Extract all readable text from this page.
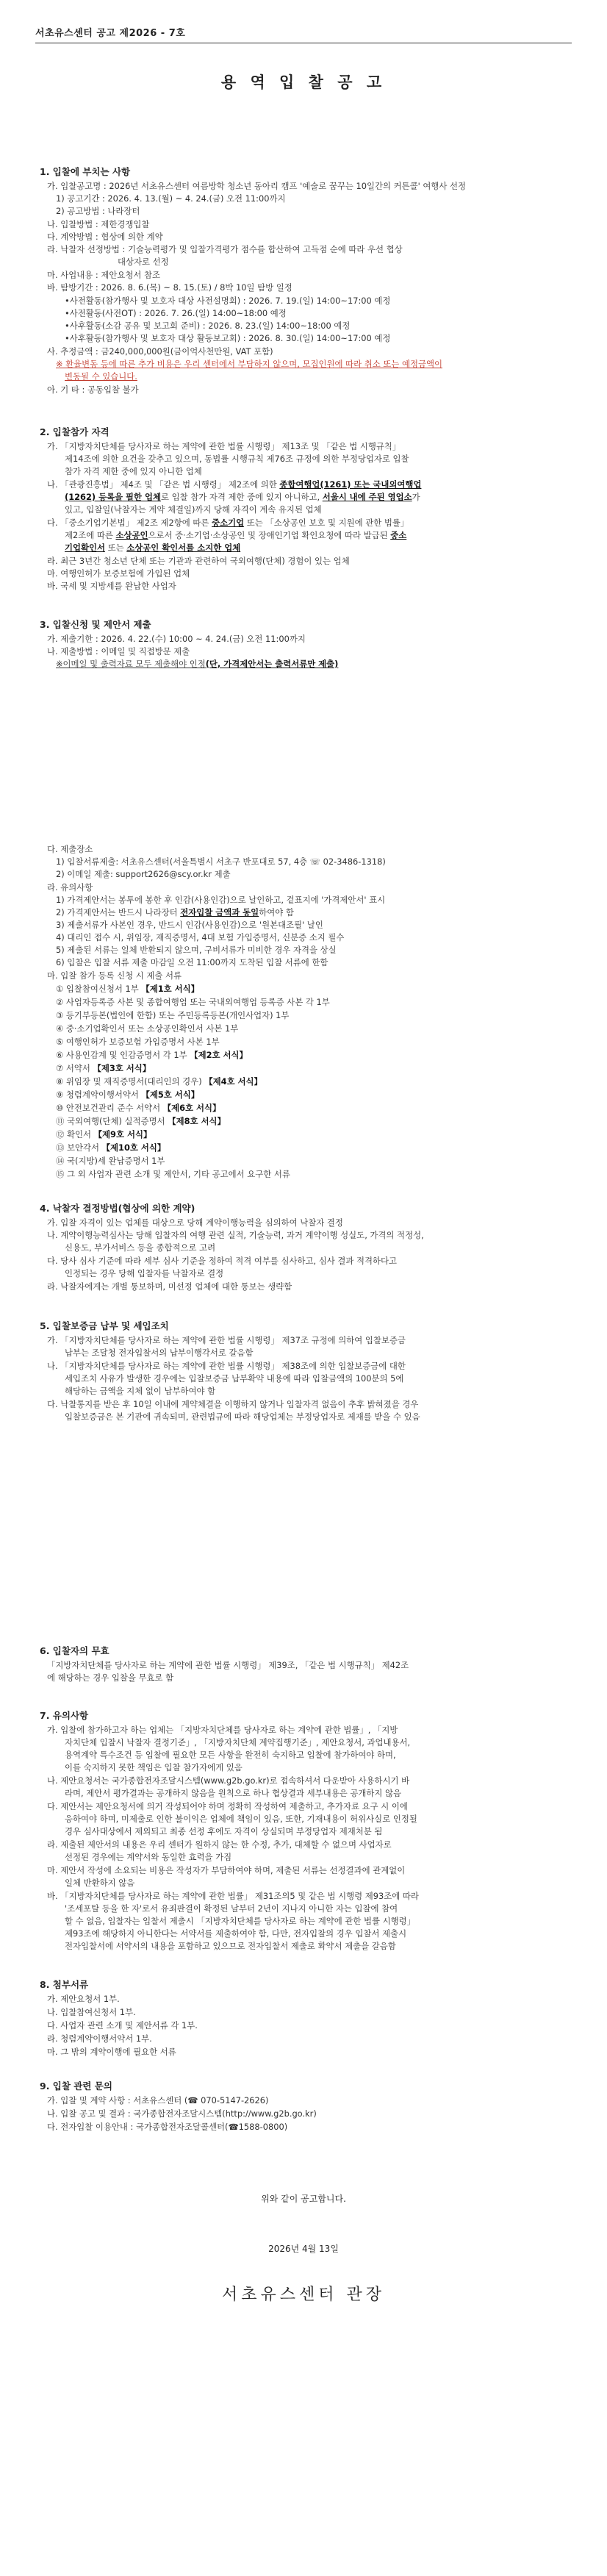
서초유스센터 공고 제2026 - 7호
용 역 입 찰 공 고
1. 입찰에 부치는 사항
가. 입찰공고명 : 2026년 서초유스센터 여름방학 청소년 동아리 캠프 '예술로 꿈꾸는 10일간의 커튼콜' 여행사 선정
1) 공고기간 : 2026. 4. 13.(월) ~ 4. 24.(금) 오전 11:00까지
2) 공고방법 : 나라장터
나. 입찰방법 : 제한경쟁입찰
다. 계약방법 : 협상에 의한 계약
라. 낙찰자 선정방법 : 기술능력평가 및 입찰가격평가 점수를 합산하여 고득점 순에 따라 우선 협상
대상자로 선정
마. 사업내용 : 제안요청서 참조
바. 탐방기간 : 2026. 8. 6.(목) ~ 8. 15.(토) / 8박 10일 탐방 일정
•사전활동(참가행사 및 보호자 대상 사전설명회) : 2026. 7. 19.(일) 14:00~17:00 예정
•사전활동(사전OT) : 2026. 7. 26.(일) 14:00~18:00 예정
•사후활동(소감 공유 및 보고회 준비) : 2026. 8. 23.(일) 14:00~18:00 예정
•사후활동(참가행사 및 보호자 대상 활동보고회) : 2026. 8. 30.(일) 14:00~17:00 예정
사. 추정금액 : 금240,000,000원(금이억사천만원, VAT 포함)
※ 환율변동 등에 따른 추가 비용은 우리 센터에서 부담하지 않으며, 모집인원에 따라 취소 또는 예정금액이
변동될 수 있습니다.
아. 기 타 : 공동입찰 불가
2. 입찰참가 자격
가. 「지방자치단체를 당사자로 하는 계약에 관한 법률 시행령」 제13조 및 「같은 법 시행규칙」
제14조에 의한 요건을 갖추고 있으며, 동법률 시행규칙 제76조 규정에 의한 부정당업자로 입찰
참가 자격 제한 중에 있지 아니한 업체
나. 「관광진흥법」 제4조 및 「같은 법 시행령」 제2조에 의한 종합여행업(1261) 또는 국내외여행업
(1262) 등록을 필한 업체로 입찰 참가 자격 제한 중에 있지 아니하고, 서울시 내에 주된 영업소가
있고, 입찰일(낙찰자는 계약 체결일)까지 당해 자격이 계속 유지된 업체
다. 「중소기업기본법」 제2조 제2항에 따른 중소기업 또는 「소상공인 보호 및 지원에 관한 법률」
제2조에 따른 소상공인으로서 중·소기업·소상공인 및 장애인기업 확인요청에 따라 발급된 중소
기업확인서 또는 소상공인 확인서를 소지한 업체
라. 최근 3년간 청소년 단체 또는 기관과 관련하여 국외여행(단체) 경험이 있는 업체
마. 여행인허가 보증보험에 가입된 업체
바. 국세 및 지방세를 완납한 사업자
3. 입찰신청 및 제안서 제출
가. 제출기한 : 2026. 4. 22.(수) 10:00 ~ 4. 24.(금) 오전 11:00까지
나. 제출방법 : 이메일 및 직접방문 제출
※이메일 및 출력자료 모두 제출해야 인정(단, 가격제안서는 출력서류만 제출)
다. 제출장소
1) 입찰서류제출: 서초유스센터(서울특별시 서초구 반포대로 57, 4층 ☏ 02-3486-1318)
2) 이메일 제출: support2626@scy.or.kr 제출
라. 유의사항
1) 가격제안서는 봉투에 봉한 후 인감(사용인감)으로 날인하고, 겉표지에 '가격제안서' 표시
2) 가격제안서는 반드시 나라장터 전자입찰 금액과 동일하여야 함
3) 제출서류가 사본인 경우, 반드시 인감(사용인감)으로 '원본대조필' 날인
4) 대리인 접수 시, 위임장, 재직증명서, 4대 보험 가입증명서, 신분증 소지 필수
5) 제출된 서류는 일체 반환되지 않으며, 구비서류가 미비한 경우 자격을 상실
6) 입찰은 입찰 서류 제출 마감일 오전 11:00까지 도착된 입찰 서류에 한함
마. 입찰 참가 등록 신청 시 제출 서류
① 입찰참여신청서 1부 【제1호 서식】
② 사업자등록증 사본 및 종합여행업 또는 국내외여행업 등록증 사본 각 1부
③ 등기부등본(법인에 한함) 또는 주민등록등본(개인사업자) 1부
④ 중·소기업확인서 또는 소상공인확인서 사본 1부
⑤ 여행인허가 보증보험 가입증명서 사본 1부
⑥ 사용인감계 및 인감증명서 각 1부 【제2호 서식】
⑦ 서약서 【제3호 서식】
⑧ 위임장 및 재직증명서(대리인의 경우) 【제4호 서식】
⑨ 청렴계약이행서약서 【제5호 서식】
⑩ 안전보건관리 준수 서약서 【제6호 서식】
⑪ 국외여행(단체) 실적증명서 【제8호 서식】
⑫ 확인서 【제9호 서식】
⑬ 보안각서 【제10호 서식】
⑭ 국(지방)세 완납증명서 1부
⑮ 그 외 사업자 관련 소개 및 제안서, 기타 공고에서 요구한 서류
4. 낙찰자 결정방법(협상에 의한 계약)
가. 입찰 자격이 있는 업체를 대상으로 당해 계약이행능력을 심의하여 낙찰자 결정
나. 계약이행능력심사는 당해 입찰자의 여행 관련 실적, 기술능력, 과거 계약이행 성실도, 가격의 적정성,
신용도, 부가서비스 등을 종합적으로 고려
다. 당사 심사 기준에 따라 세부 심사 기준을 정하여 적격 여부를 심사하고, 심사 결과 적격하다고
인정되는 경우 당해 입찰자를 낙찰자로 결정
라. 낙찰자에게는 개별 통보하며, 미선정 업체에 대한 통보는 생략함
5. 입찰보증금 납부 및 세입조치
가. 「지방자치단체를 당사자로 하는 계약에 관한 법률 시행령」 제37조 규정에 의하여 입찰보증금
납부는 조달청 전자입찰서의 납부이행각서로 갈음함
나. 「지방자치단체를 당사자로 하는 계약에 관한 법률 시행령」 제38조에 의한 입찰보증금에 대한
세입조치 사유가 발생한 경우에는 입찰보증금 납부확약 내용에 따라 입찰금액의 100분의 5에
해당하는 금액을 지체 없이 납부하여야 함
다. 낙찰통지를 받은 후 10일 이내에 계약체결을 이행하지 않거나 입찰자격 없음이 추후 밝혀졌을 경우
입찰보증금은 본 기관에 귀속되며, 관련법규에 따라 해당업체는 부정당업자로 제재를 받을 수 있음
6. 입찰자의 무효
「지방자치단체를 당사자로 하는 계약에 관한 법률 시행령」 제39조, 「같은 법 시행규칙」 제42조
에 해당하는 경우 입찰을 무효로 함
7. 유의사항
가. 입찰에 참가하고자 하는 업체는 「지방자치단체를 당사자로 하는 계약에 관한 법률」, 「지방
자치단체 입찰시 낙찰자 결정기준」, 「지방자치단체 계약집행기준」, 제안요청서, 과업내용서,
용역계약 특수조건 등 입찰에 필요한 모든 사항을 완전히 숙지하고 입찰에 참가하여야 하며,
이를 숙지하지 못한 책임은 입찰 참가자에게 있음
나. 제안요청서는 국가종합전자조달시스템(www.g2b.go.kr)로 접속하셔서 다운받아 사용하시기 바
라며, 제안서 평가결과는 공개하지 않음을 원칙으로 하나 협상결과 세부내용은 공개하지 않음
다. 제안서는 제안요청서에 의거 작성되어야 하며 정확히 작성하여 제출하고, 추가자료 요구 시 이에
응하여야 하며, 미제출로 인한 불이익은 업체에 책임이 있음, 또한, 기재내용이 허위사실로 인정될
경우 심사대상에서 제외되고 최종 선정 후에도 자격이 상실되며 부정당업자 제재처분 됨
라. 제출된 제안서의 내용은 우리 센터가 원하지 않는 한 수정, 추가, 대체할 수 없으며 사업자로
선정된 경우에는 계약서와 동일한 효력을 가짐
마. 제안서 작성에 소요되는 비용은 작성자가 부담하여야 하며, 제출된 서류는 선정결과에 관계없이
일체 반환하지 않음
바. 「지방자치단체를 당사자로 하는 계약에 관한 법률」 제31조의5 및 같은 법 시행령 제93조에 따라
'조세포탈 등을 한 자'로서 유죄판결이 확정된 날부터 2년이 지나지 아니한 자는 입찰에 참여
할 수 없음, 입찰자는 입찰서 제출시 「지방자치단체를 당사자로 하는 계약에 관한 법률 시행령」
제93조에 해당하지 아니한다는 서약서를 제출하여야 함, 다만, 전자입찰의 경우 입찰서 제출시
전자입찰서에 서약서의 내용을 포함하고 있으므로 전자입찰서 제출로 확약서 제출을 갈음함
8. 첨부서류
가. 제안요청서 1부.
나. 입찰참여신청서 1부.
다. 사업자 관련 소개 및 제안서류 각 1부.
라. 청렴계약이행서약서 1부.
마. 그 밖의 계약이행에 필요한 서류
9. 입찰 관련 문의
가. 입찰 및 계약 사항 : 서초유스센터 (☎ 070-5147-2626)
나. 입찰 공고 및 결과 : 국가종합전자조달시스템(http://www.g2b.go.kr)
다. 전자입찰 이용안내 : 국가종합전자조달콜센터(☎1588-0800)
위와 같이 공고합니다.
2026년 4월 13일
서초유스센터 관장
